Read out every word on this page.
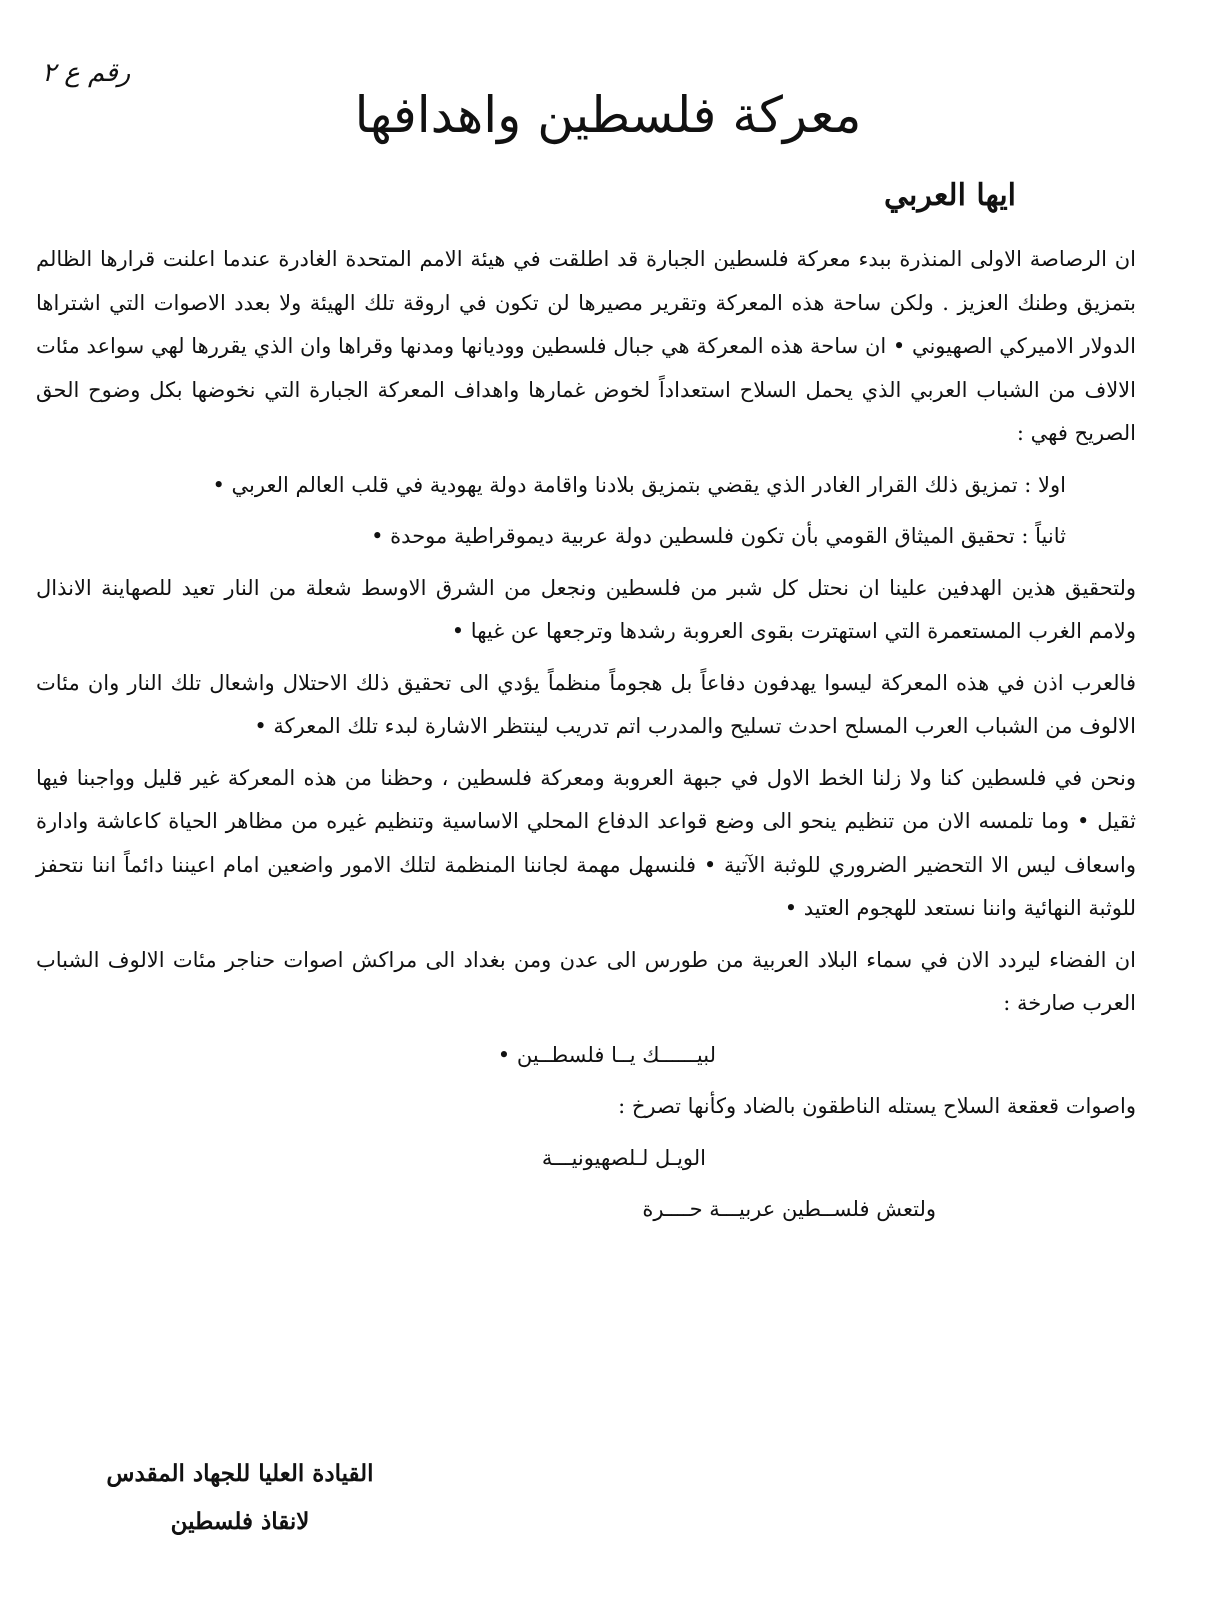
رقم ع ٢
معركة فلسطين واهدافها
ايها العربي

ان الرصاصة الاولى المنذرة ببدء معركة فلسطين الجبارة قد اطلقت في هيئة الامم المتحدة الغادرة عندما اعلنت قرارها الظالم بتمزيق وطنك العزيز . ولكن ساحة هذه المعركة وتقرير مصيرها لن تكون في اروقة تلك الهيئة ولا بعدد الاصوات التي اشتراها الدولار الاميركي الصهيوني • ان ساحة هذه المعركة هي جبال فلسطين ووديانها ومدنها وقراها وان الذي يقررها لهي سواعد مئات الالاف من الشباب العربي الذي يحمل السلاح استعداداً لخوض غمارها واهداف المعركة الجبارة التي نخوضها بكل وضوح الحق الصريح فهي :

اولا : تمزيق ذلك القرار الغادر الذي يقضي بتمزيق بلادنا واقامة دولة يهودية في قلب العالم العربي •

ثانياً : تحقيق الميثاق القومي بأن تكون فلسطين دولة عربية ديموقراطية موحدة •

ولتحقيق هذين الهدفين علينا ان نحتل كل شبر من فلسطين ونجعل من الشرق الاوسط شعلة من النار تعيد للصهاينة الانذال ولامم الغرب المستعمرة التي استهترت بقوى العروبة رشدها وترجعها عن غيها •

فالعرب اذن في هذه المعركة ليسوا يهدفون دفاعاً بل هجوماً منظماً يؤدي الى تحقيق ذلك الاحتلال واشعال تلك النار وان مئات الالوف من الشباب العرب المسلح احدث تسليح والمدرب اتم تدريب لينتظر الاشارة لبدء تلك المعركة •

ونحن في فلسطين كنا ولا زلنا الخط الاول في جبهة العروبة ومعركة فلسطين ، وحظنا من هذه المعركة غير قليل وواجبنا فيها ثقيل • وما تلمسه الان من تنظيم ينحو الى وضع قواعد الدفاع المحلي الاساسية وتنظيم غيره من مظاهر الحياة كاعاشة وادارة واسعاف ليس الا التحضير الضروري للوثبة الآتية • فلنسهل مهمة لجاننا المنظمة لتلك الامور واضعين امام اعيننا دائماً اننا نتحفز للوثبة النهائية واننا نستعد للهجوم العتيد •

ان الفضاء ليردد الان في سماء البلاد العربية من طورس الى عدن ومن بغداد الى مراكش اصوات حناجر مئات الالوف الشباب العرب صارخة :

لبيــــــك يــا فلسطــين •

واصوات قعقعة السلاح يستله الناطقون بالضاد وكأنها تصرخ :

الويـل لـلصهيونيـــة

ولتعش فلســطين عربيـــة حــــرة

القيادة العليا للجهاد المقدس
لانقاذ فلسطين
